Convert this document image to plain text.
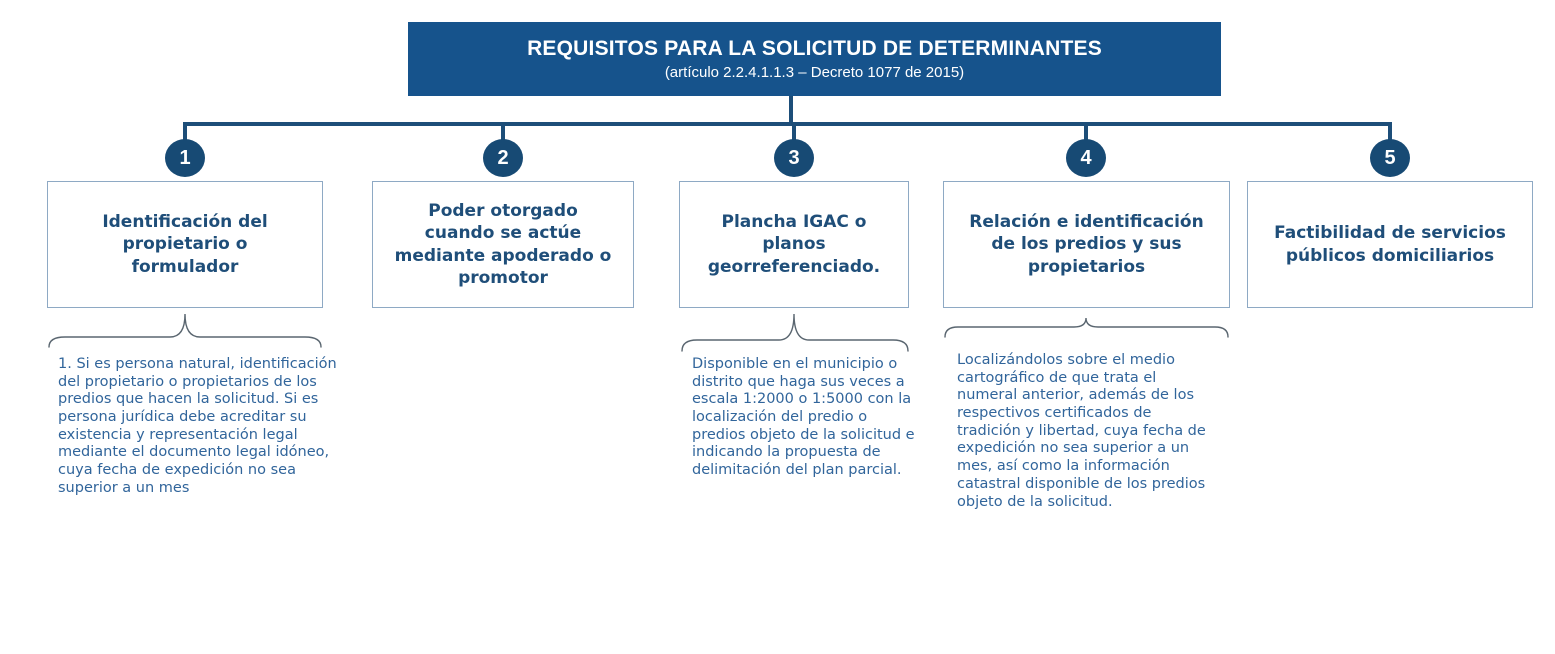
REQUISITOS PARA LA SOLICITUD DE DETERMINANTES
(artículo 2.2.4.1.1.3 – Decreto 1077 de 2015)
1	2	3	4	5
Identificación del propietario o formulador
Poder otorgado cuando se actúe mediante apoderado o promotor
Plancha IGAC o planos georreferenciado.
Relación e identificación de los predios y sus propietarios
Factibilidad de servicios públicos domiciliarios
1. Si es persona natural, identificación del propietario o propietarios de los predios que hacen la solicitud. Si es persona jurídica debe acreditar su existencia y representación legal mediante el documento legal idóneo, cuya fecha de expedición no sea superior a un mes
Disponible en el municipio o distrito que haga sus veces a escala 1:2000 o 1:5000 con la localización del predio o predios objeto de la solicitud e indicando la propuesta de delimitación del plan parcial.
Localizándolos sobre el medio cartográfico de que trata el numeral anterior, además de los respectivos certificados de tradición y libertad, cuya fecha de expedición no sea superior a un mes, así como la información catastral disponible de los predios objeto de la solicitud.
